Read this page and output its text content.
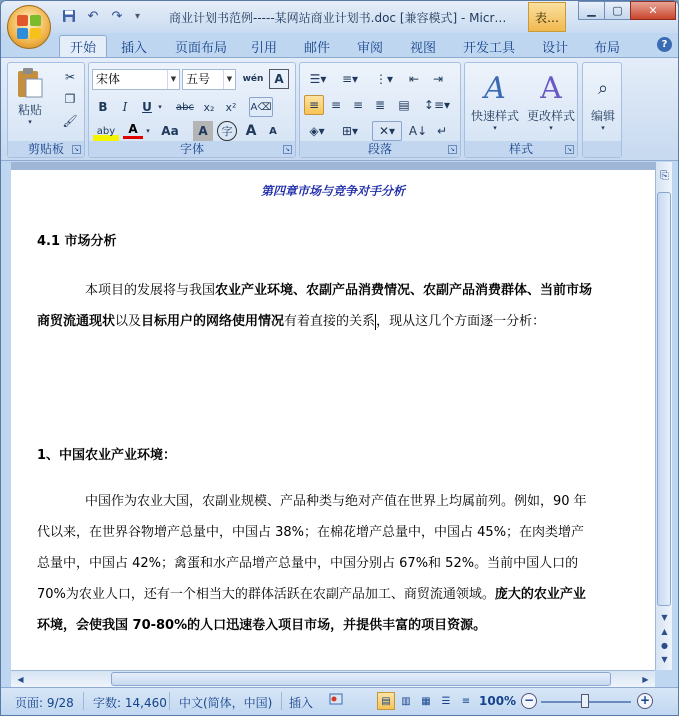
↶	↷	▾ 商业计划书范例-----某网站商业计划书.doc [兼容模式] - Micr…	表…	▁	▢	✕
开始	插入	页面布局	引用	邮件	审阅	视图	开发工具	设计	布局	?
粘贴
▾
✂
❐
🖌
剪贴板	↘
宋体	▼ 五号	▼	wén A
B	I	U ▾	abc x₂	x²	A⌫
aby	A	▾ Aa	A	字 A	A
字体	↘
☰▾	≡▾	⋮▾	⇤	⇥
≡ ≡ ≡ ≣	▤	↕≡▾
◈▾	⊞▾	✕▾	A↓ ↵
段落	↘
A
快速样式
▾
A
更改样式
▾
样式	↘
⌕
编辑
▾
第四章市场与竞争对手分析
4.1 市场分析
本项目的发展将与我国农业产业环境、农副产品消费情况、农副产品消费群体、当前市场商贸流通现状以及目标用户的网络使用情况有着直接的关系，现从这几个方面逐一分析：
1、中国农业产业环境：
中国作为农业大国，农副业规模、产品种类与绝对产值在世界上均属前列。例如，90 年代以来，在世界谷物增产总量中，中国占 38%；在棉花增产总量中，中国占 45%；在肉类增产总量中，中国占 42%；禽蛋和水产品增产总量中，中国分别占 67%和 52%。当前中国人口的 70%为农业人口，还有一个相当大的群体活跃在农副产品加工、商贸流通领域。庞大的农业产业环境，会使我国 70-80%的人口迅速卷入项目市场，并提供丰富的项目资源。
⎘
▼
▲
●
▼
◀	▶
页面: 9/28 字数: 14,460 中文(简体，中国) 插入	▤	▥	▦	☰	≡ 100% −	+
